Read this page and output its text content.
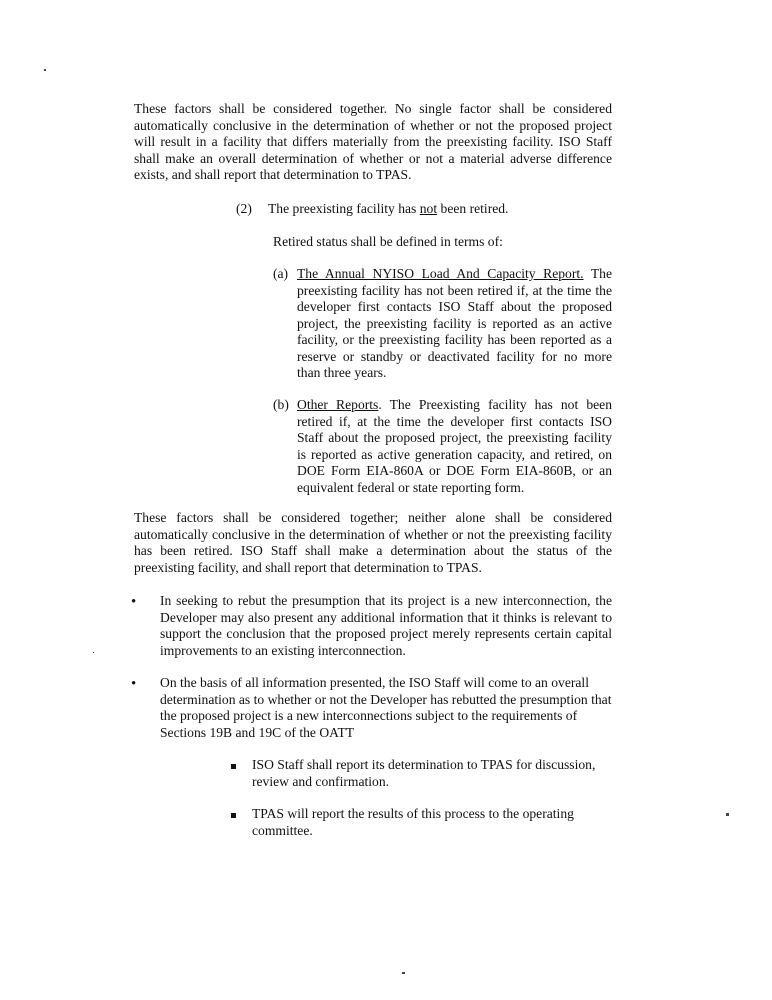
These factors shall be considered together. No single factor shall be considered automatically conclusive in the determination of whether or not the proposed project will result in a facility that differs materially from the preexisting facility. ISO Staff shall make an overall determination of whether or not a material adverse difference exists, and shall report that determination to TPAS.
(2) The preexisting facility has not been retired.
Retired status shall be defined in terms of:
(a) The Annual NYISO Load And Capacity Report. The preexisting facility has not been retired if, at the time the developer first contacts ISO Staff about the proposed project, the preexisting facility is reported as an active facility, or the preexisting facility has been reported as a reserve or standby or deactivated facility for no more than three years.
(b) Other Reports. The Preexisting facility has not been retired if, at the time the developer first contacts ISO Staff about the proposed project, the preexisting facility is reported as active generation capacity, and retired, on DOE Form EIA-860A or DOE Form EIA-860B, or an equivalent federal or state reporting form.
These factors shall be considered together; neither alone shall be considered automatically conclusive in the determination of whether or not the preexisting facility has been retired. ISO Staff shall make a determination about the status of the preexisting facility, and shall report that determination to TPAS.
• In seeking to rebut the presumption that its project is a new interconnection, the Developer may also present any additional information that it thinks is relevant to support the conclusion that the proposed project merely represents certain capital improvements to an existing interconnection.
• On the basis of all information presented, the ISO Staff will come to an overall determination as to whether or not the Developer has rebutted the presumption that the proposed project is a new interconnections subject to the requirements of Sections 19B and 19C of the OATT
ISO Staff shall report its determination to TPAS for discussion, review and confirmation.
TPAS will report the results of this process to the operating committee.
